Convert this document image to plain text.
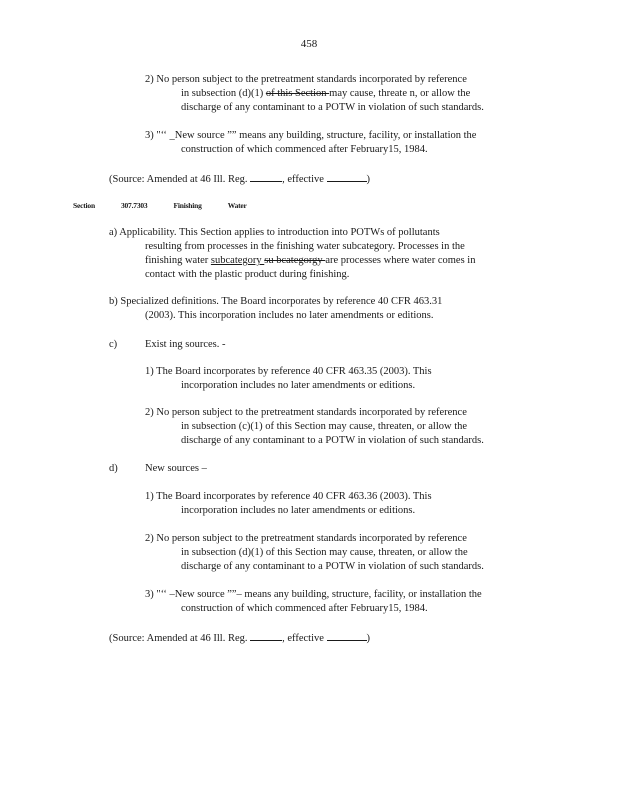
458
2) No person subject to the pretreatment standards incorporated by reference
in subsection (d)(1) of this Section may cause, threate n, or allow the
discharge of any contaminant to a POTW in violation of such standards.
3) "‘‘ _New source ”” means any building, structure, facility, or installation the
construction of which commenced after February15, 1984.
(Source: Amended at 46 Ill. Reg.	, effective	)
Section	307.7303	Finishing	Water
a) Applicability. This Section applies to introduction into POTWs of pollutants
resulting from processes in the finishing water subcategory. Processes in the
finishing water subcategory su bcategorgy are processes where water comes in
contact with the plastic product during finishing.
b) Specialized definitions. The Board incorporates by reference 40 CFR 463.31
(2003). This incorporation includes no later amendments or editions.
c)	Exist ing sources. -
1) The Board incorporates by reference 40 CFR 463.35 (2003). This
incorporation includes no later amendments or editions.
2) No person subject to the pretreatment standards incorporated by reference
in subsection (c)(1) of this Section may cause, threaten, or allow the
discharge of any contaminant to a POTW in violation of such standards.
d)	New sources –
1) The Board incorporates by reference 40 CFR 463.36 (2003). This
incorporation includes no later amendments or editions.
2) No person subject to the pretreatment standards incorporated by reference
in subsection (d)(1) of this Section may cause, threaten, or allow the
discharge of any contaminant to a POTW in violation of such standards.
3) "‘‘ –New source ””– means any building, structure, facility, or installation the
construction of which commenced after February15, 1984.
(Source: Amended at 46 Ill. Reg.	, effective	)
